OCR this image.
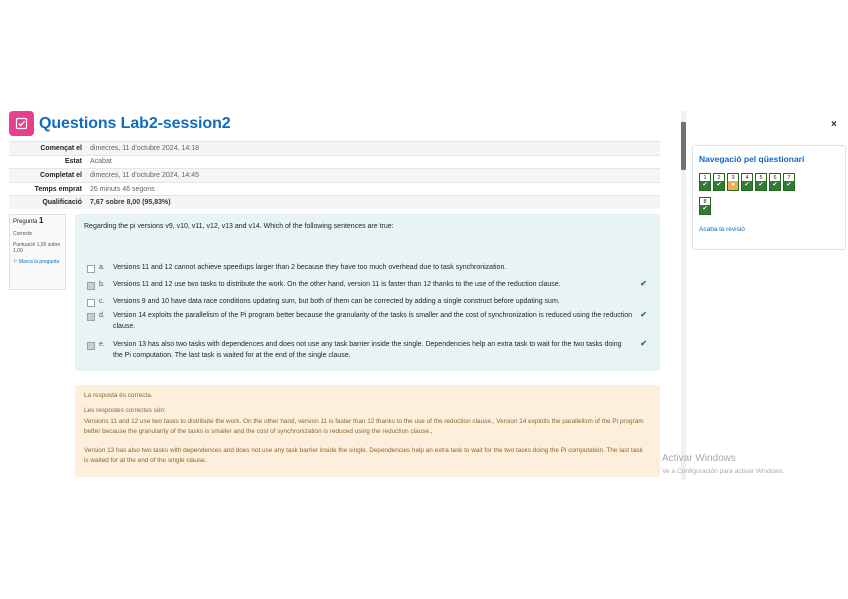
Questions Lab2-session2
Començat el	dimecres, 11 d'octubre 2024, 14:18
Estat	Acabat
Completat el	dimecres, 11 d'octubre 2024, 14:45
Temps emprat	26 minuts 46 segons
Qualificació	7,67 sobre 8,00 (95,83%)
Pregunta 1
Correcte
Puntuació 1,00 sobre 1,00
⚐ Marca la pregunta
Regarding the pi versions v9, v10, v11, v12, v13 and v14. Which of the following sentences are true:
a.	Versions 11 and 12 cannot achieve speedups larger than 2 because they have too much overhead due to task synchronization.
b.	Versions 11 and 12 use two tasks to distribute the work. On the other hand, version 11 is faster than 12 thanks to the use of the reduction clause.	✔
c.	Versions 9 and 10 have data race conditions updating sum, but both of them can be corrected by adding a single construct before updating sum.
d.	Version 14 exploits the parallelism of the Pi program better because the granularity of the tasks is smaller and the cost of synchronization is reduced using the reduction clause.
✔
e.	Version 13 has also two tasks with dependences and does not use any task barrier inside the single. Dependencies help an extra task to wait for the two tasks doing the Pi computation. The last task is waited for at the end of the single clause.
✔
La resposta és correcta.
Les respostes correctes són:
Versions 11 and 12 use two tasks to distribute the work. On the other hand, version 11 is faster than 12 thanks to the use of the reduction clause., Version 14 exploits the parallelism of the Pi program better because the granularity of the tasks is smaller and the cost of synchronization is reduced using the reduction clause.,
Version 13 has also two tasks with dependences and does not use any task barrier inside the single. Dependencies help an extra task to wait for the two tasks doing the Pi computation. The last task is waited for at the end of the single clause.
×
Navegació pel qüestionari
1
✔
2
✔
3
●
4
✔
5
✔
6
✔
7
✔
8
✔
Acaba la revisió
Activar Windows
Ve a Configuración para activar Windows.
